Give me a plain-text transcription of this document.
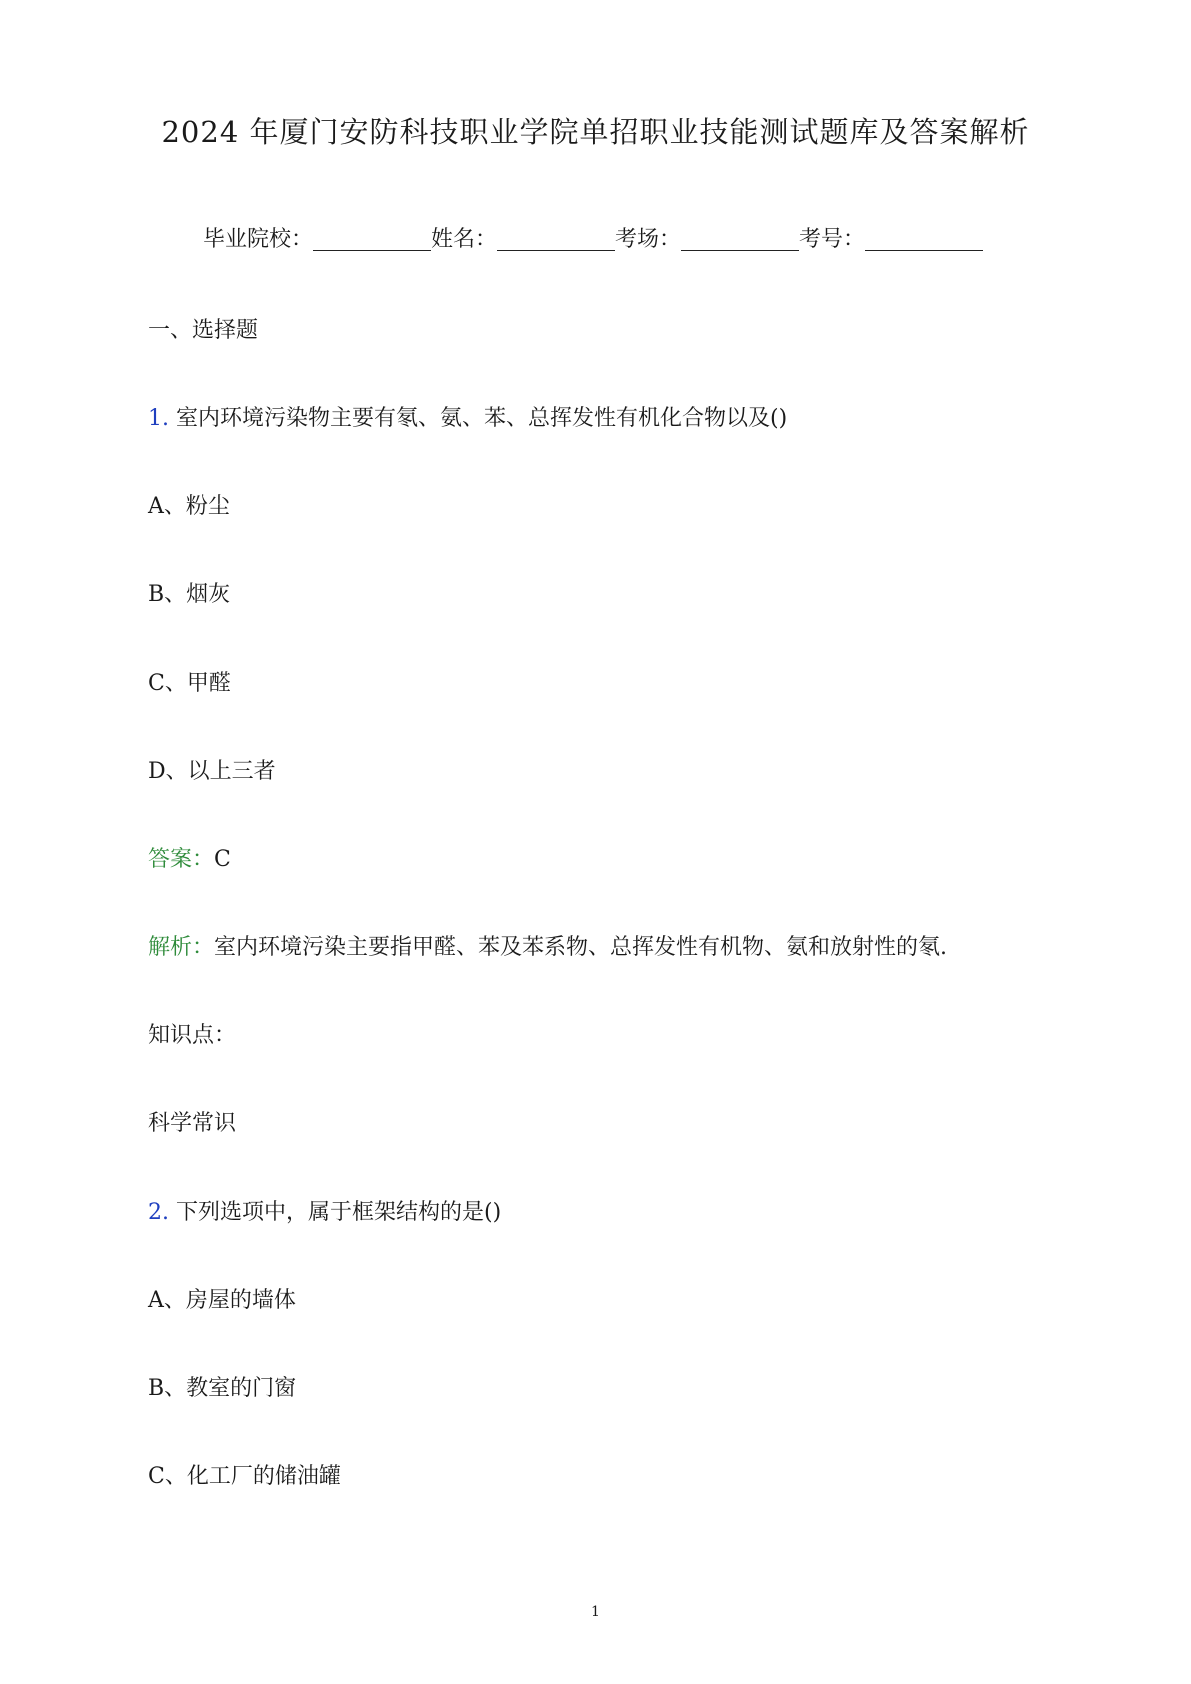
2024 年厦门安防科技职业学院单招职业技能测试题库及答案解析
毕业院校：	姓名：	考场：	考号：
一、选择题
1. 室内环境污染物主要有氡、氨、苯、总挥发性有机化合物以及()
A、粉尘
B、烟灰
C、甲醛
D、以上三者
答案：C
解析：室内环境污染主要指甲醛、苯及苯系物、总挥发性有机物、氨和放射性的氡.
知识点：
科学常识
2. 下列选项中，属于框架结构的是()
A、房屋的墙体
B、教室的门窗
C、化工厂的储油罐
1
